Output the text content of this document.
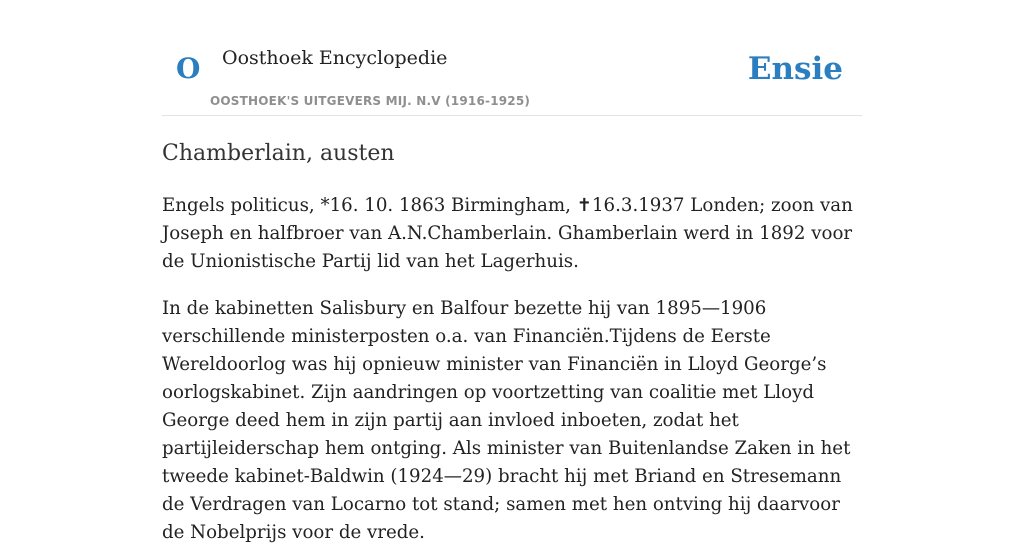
O Oosthoek Encyclopedie
OOSTHOEK'S UITGEVERS MIJ. N.V (1916-1925)
Ensie
Chamberlain, austen

Engels politicus, *16. 10. 1863 Birmingham, ✝16.3.1937 Londen; zoon van Joseph en halfbroer van A.N.Chamberlain. Ghamberlain werd in 1892 voor de Unionistische Partij lid van het Lagerhuis.

In de kabinetten Salisbury en Balfour bezette hij van 1895—1906 verschillende ministerposten o.a. van Financiën.Tijdens de Eerste Wereldoorlog was hij opnieuw minister van Financiën in Lloyd George’s oorlogskabinet. Zijn aandringen op voortzetting van coalitie met Lloyd George deed hem in zijn partij aan invloed inboeten, zodat het partijleiderschap hem ontging. Als minister van Buitenlandse Zaken in het tweede kabinet-Baldwin (1924—29) bracht hij met Briand en Stresemann de Verdragen van Locarno tot stand; samen met hen ontving hij daarvoor de Nobelprijs voor de vrede.
